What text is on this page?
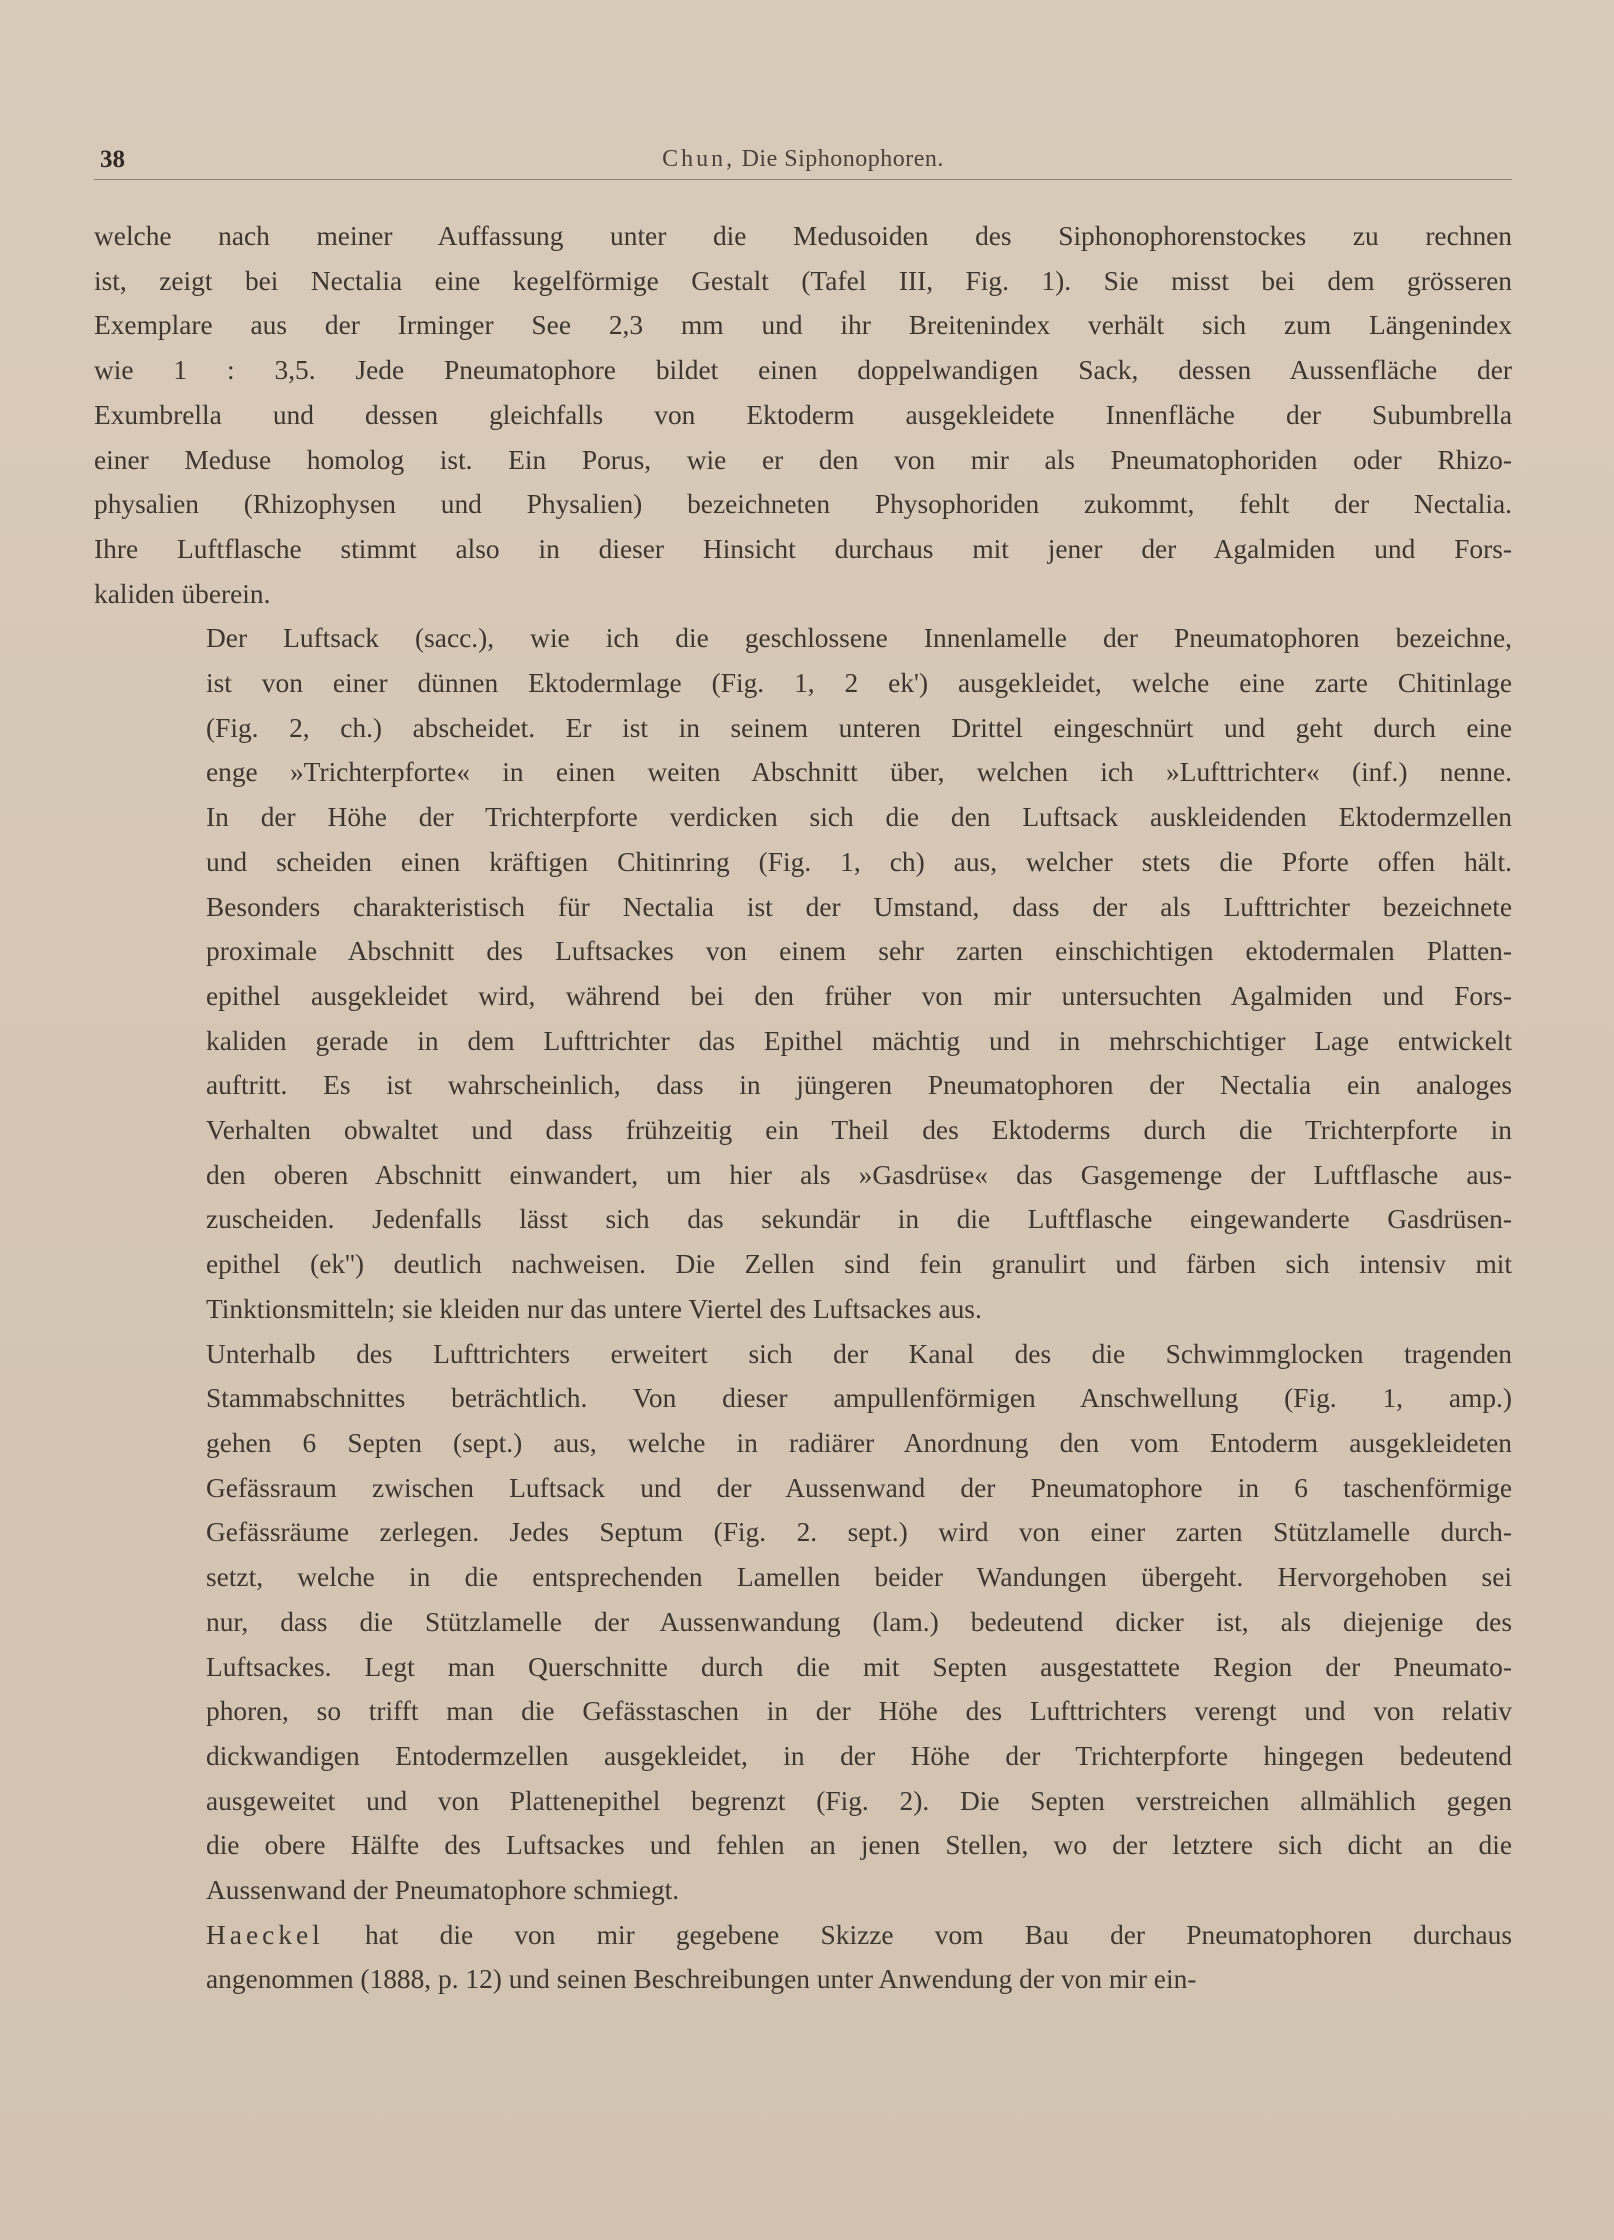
38	Chun, Die Siphonophoren.

welche nach meiner Auffassung unter die Medusoiden des Siphonophorenstockes zu rechnen
ist, zeigt bei Nectalia eine kegelförmige Gestalt (Tafel III, Fig. 1). Sie misst bei dem grösseren
Exemplare aus der Irminger See 2,3 mm und ihr Breitenindex verhält sich zum Längenindex
wie 1 : 3,5. Jede Pneumatophore bildet einen doppelwandigen Sack, dessen Aussenfläche der
Exumbrella und dessen gleichfalls von Ektoderm ausgekleidete Innenfläche der Subumbrella
einer Meduse homolog ist. Ein Porus, wie er den von mir als Pneumatophoriden oder Rhizo-
physalien (Rhizophysen und Physalien) bezeichneten Physophoriden zukommt, fehlt der Nectalia.
Ihre Luftflasche stimmt also in dieser Hinsicht durchaus mit jener der Agalmiden und Fors-
kaliden überein.

Der Luftsack (sacc.), wie ich die geschlossene Innenlamelle der Pneumatophoren bezeichne,
ist von einer dünnen Ektodermlage (Fig. 1, 2 ek') ausgekleidet, welche eine zarte Chitinlage
(Fig. 2, ch.) abscheidet. Er ist in seinem unteren Drittel eingeschnürt und geht durch eine
enge »Trichterpforte« in einen weiten Abschnitt über, welchen ich »Lufttrichter« (inf.) nenne.
In der Höhe der Trichterpforte verdicken sich die den Luftsack auskleidenden Ektodermzellen
und scheiden einen kräftigen Chitinring (Fig. 1, ch) aus, welcher stets die Pforte offen hält.
Besonders charakteristisch für Nectalia ist der Umstand, dass der als Lufttrichter bezeichnete
proximale Abschnitt des Luftsackes von einem sehr zarten einschichtigen ektodermalen Platten-
epithel ausgekleidet wird, während bei den früher von mir untersuchten Agalmiden und Fors-
kaliden gerade in dem Lufttrichter das Epithel mächtig und in mehrschichtiger Lage entwickelt
auftritt. Es ist wahrscheinlich, dass in jüngeren Pneumatophoren der Nectalia ein analoges
Verhalten obwaltet und dass frühzeitig ein Theil des Ektoderms durch die Trichterpforte in
den oberen Abschnitt einwandert, um hier als »Gasdrüse« das Gasgemenge der Luftflasche aus-
zuscheiden. Jedenfalls lässt sich das sekundär in die Luftflasche eingewanderte Gasdrüsen-
epithel (ek'') deutlich nachweisen. Die Zellen sind fein granulirt und färben sich intensiv mit
Tinktionsmitteln; sie kleiden nur das untere Viertel des Luftsackes aus.

Unterhalb des Lufttrichters erweitert sich der Kanal des die Schwimmglocken tragenden
Stammabschnittes beträchtlich. Von dieser ampullenförmigen Anschwellung (Fig. 1, amp.)
gehen 6 Septen (sept.) aus, welche in radiärer Anordnung den vom Entoderm ausgekleideten
Gefässraum zwischen Luftsack und der Aussenwand der Pneumatophore in 6 taschenförmige
Gefässräume zerlegen. Jedes Septum (Fig. 2. sept.) wird von einer zarten Stützlamelle durch-
setzt, welche in die entsprechenden Lamellen beider Wandungen übergeht. Hervorgehoben sei
nur, dass die Stützlamelle der Aussenwandung (lam.) bedeutend dicker ist, als diejenige des
Luftsackes. Legt man Querschnitte durch die mit Septen ausgestattete Region der Pneumato-
phoren, so trifft man die Gefässtaschen in der Höhe des Lufttrichters verengt und von relativ
dickwandigen Entodermzellen ausgekleidet, in der Höhe der Trichterpforte hingegen bedeutend
ausgeweitet und von Plattenepithel begrenzt (Fig. 2). Die Septen verstreichen allmählich gegen
die obere Hälfte des Luftsackes und fehlen an jenen Stellen, wo der letztere sich dicht an die
Aussenwand der Pneumatophore schmiegt.

Haeckel hat die von mir gegebene Skizze vom Bau der Pneumatophoren durchaus
angenommen (1888, p. 12) und seinen Beschreibungen unter Anwendung der von mir ein-
